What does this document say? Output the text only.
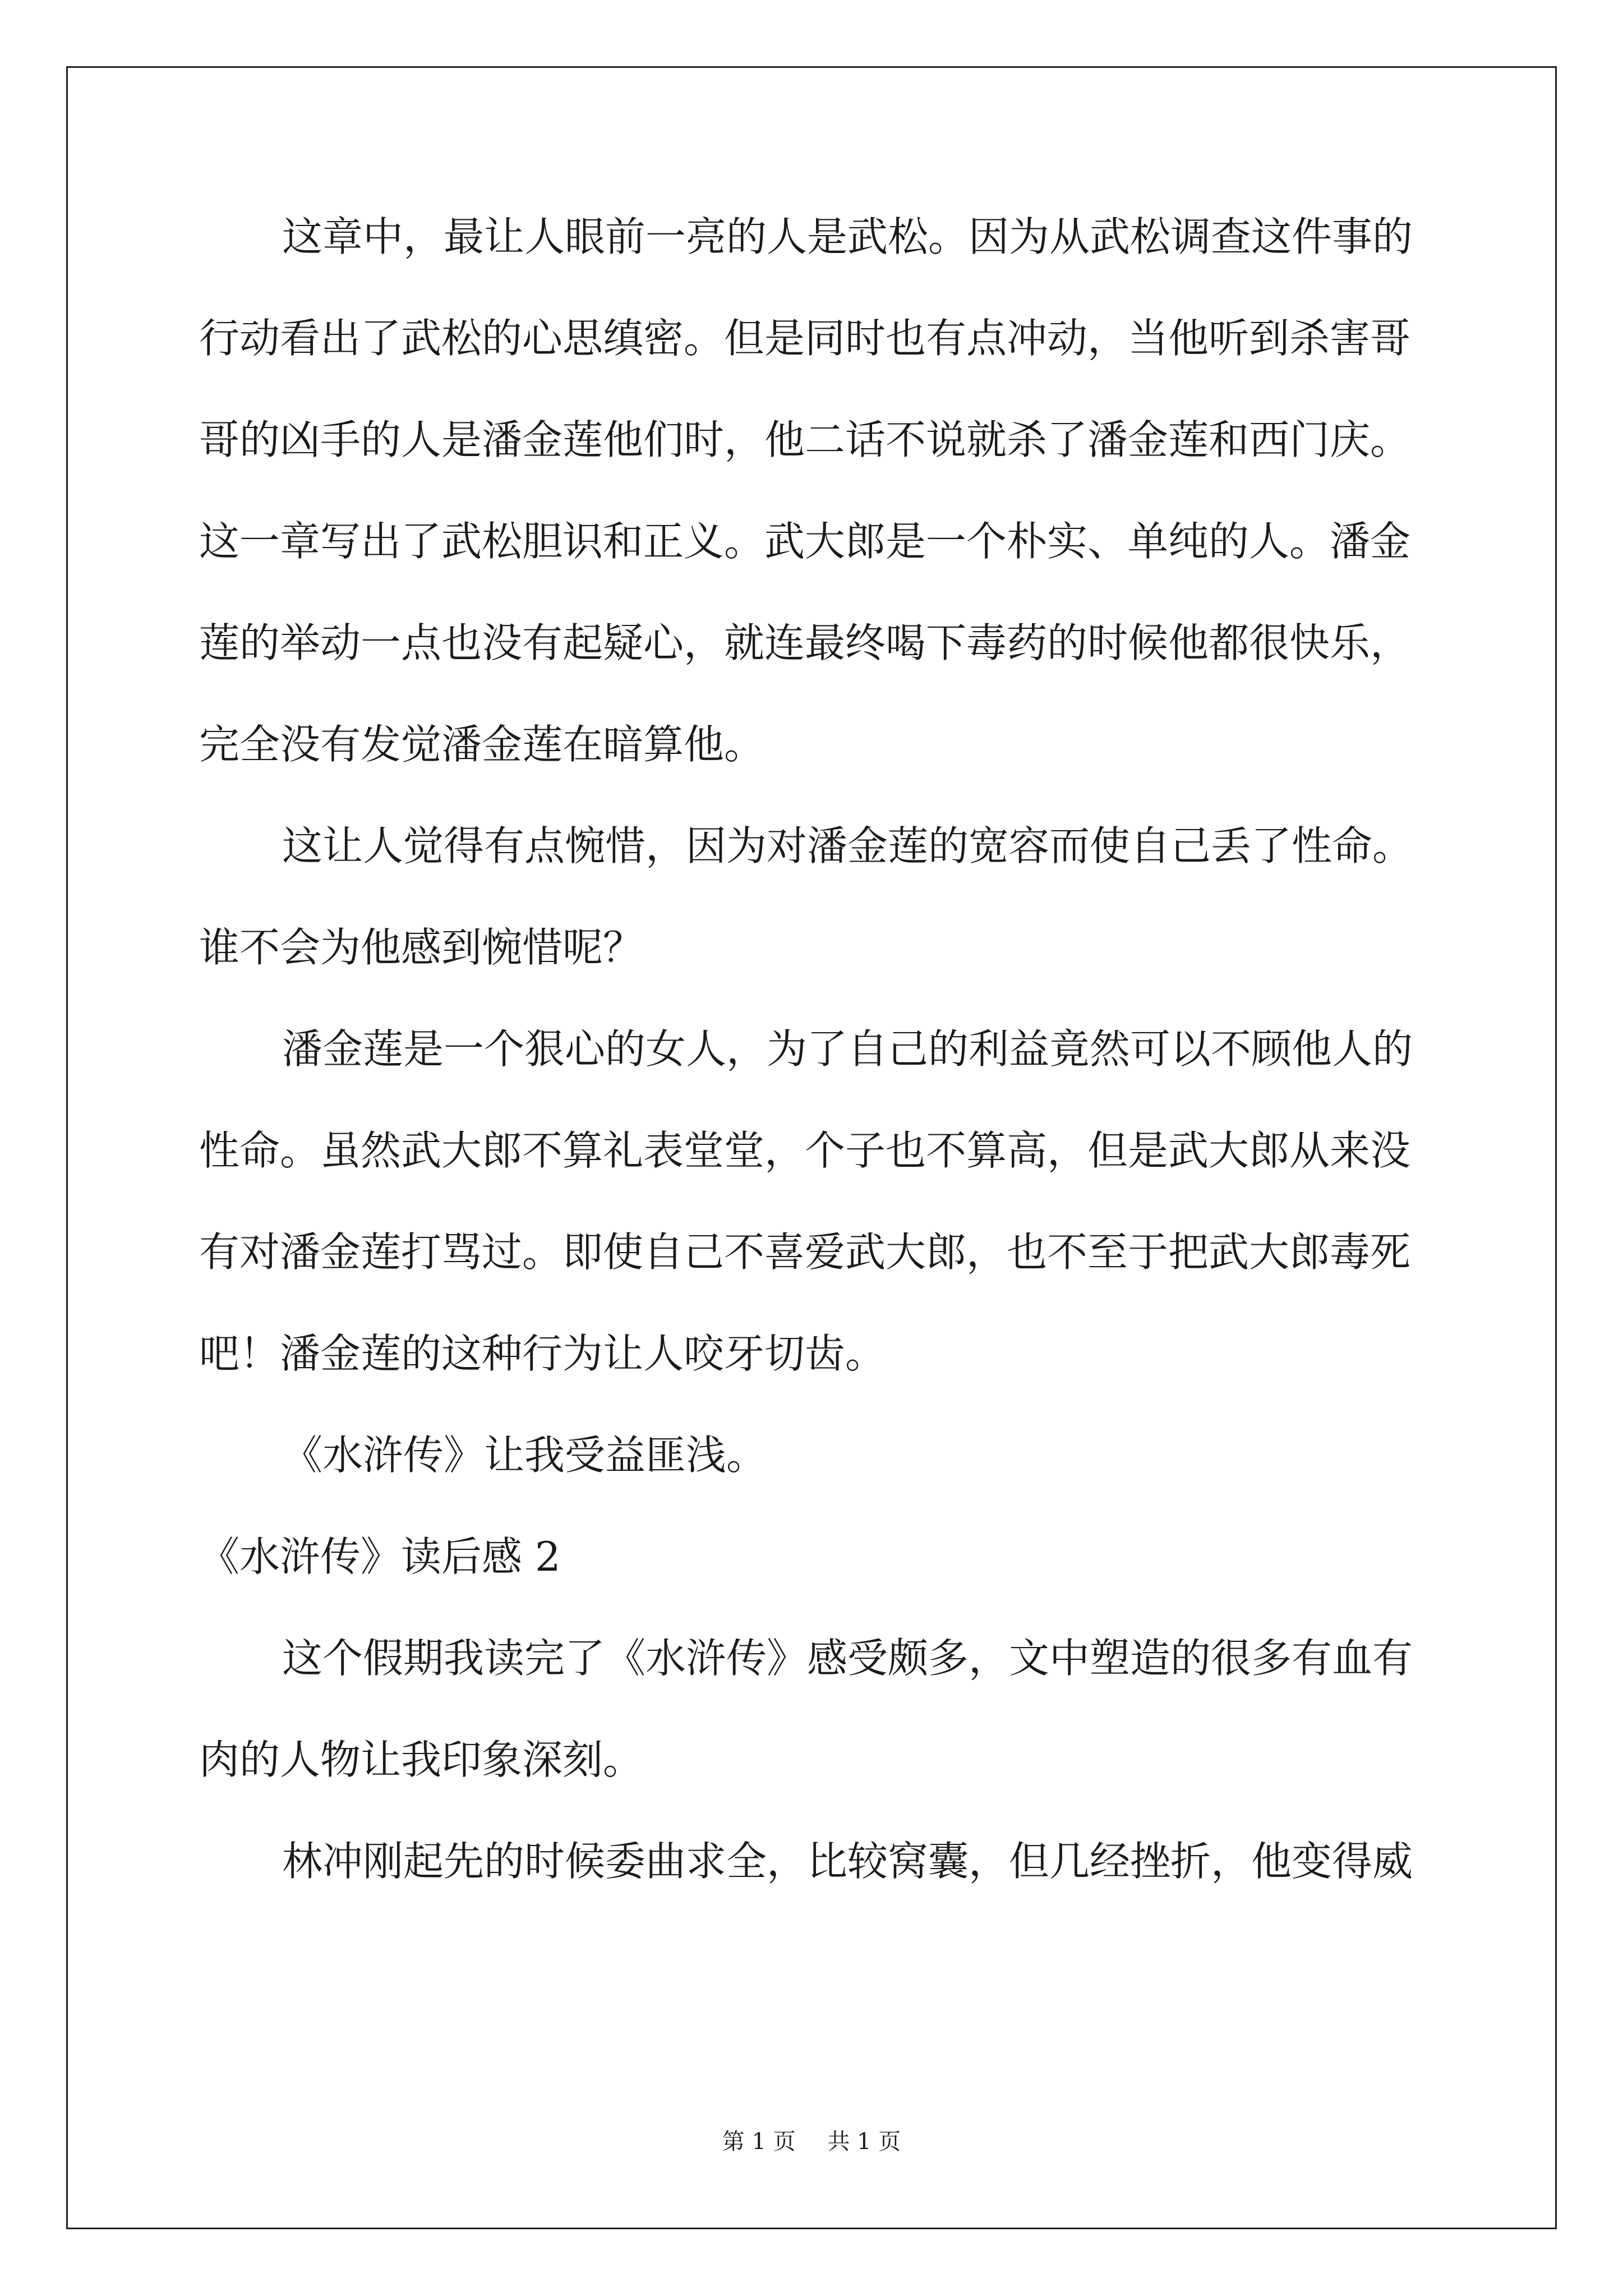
这章中，最让人眼前一亮的人是武松。因为从武松调查这件事的
行动看出了武松的心思缜密。但是同时也有点冲动，当他听到杀害哥
哥的凶手的人是潘金莲他们时，他二话不说就杀了潘金莲和西门庆。
这一章写出了武松胆识和正义。武大郎是一个朴实、单纯的人。潘金
莲的举动一点也没有起疑心，就连最终喝下毒药的时候他都很快乐，
完全没有发觉潘金莲在暗算他。
这让人觉得有点惋惜，因为对潘金莲的宽容而使自己丢了性命。
谁不会为他感到惋惜呢？
潘金莲是一个狠心的女人，为了自己的利益竟然可以不顾他人的
性命。虽然武大郎不算礼表堂堂，个子也不算高，但是武大郎从来没
有对潘金莲打骂过。即使自己不喜爱武大郎，也不至于把武大郎毒死
吧！潘金莲的这种行为让人咬牙切齿。
《水浒传》让我受益匪浅。
《水浒传》读后感 2
这个假期我读完了《水浒传》感受颇多，文中塑造的很多有血有
肉的人物让我印象深刻。
林冲刚起先的时候委曲求全，比较窝囊，但几经挫折，他变得威
第 1 页 共 1 页
